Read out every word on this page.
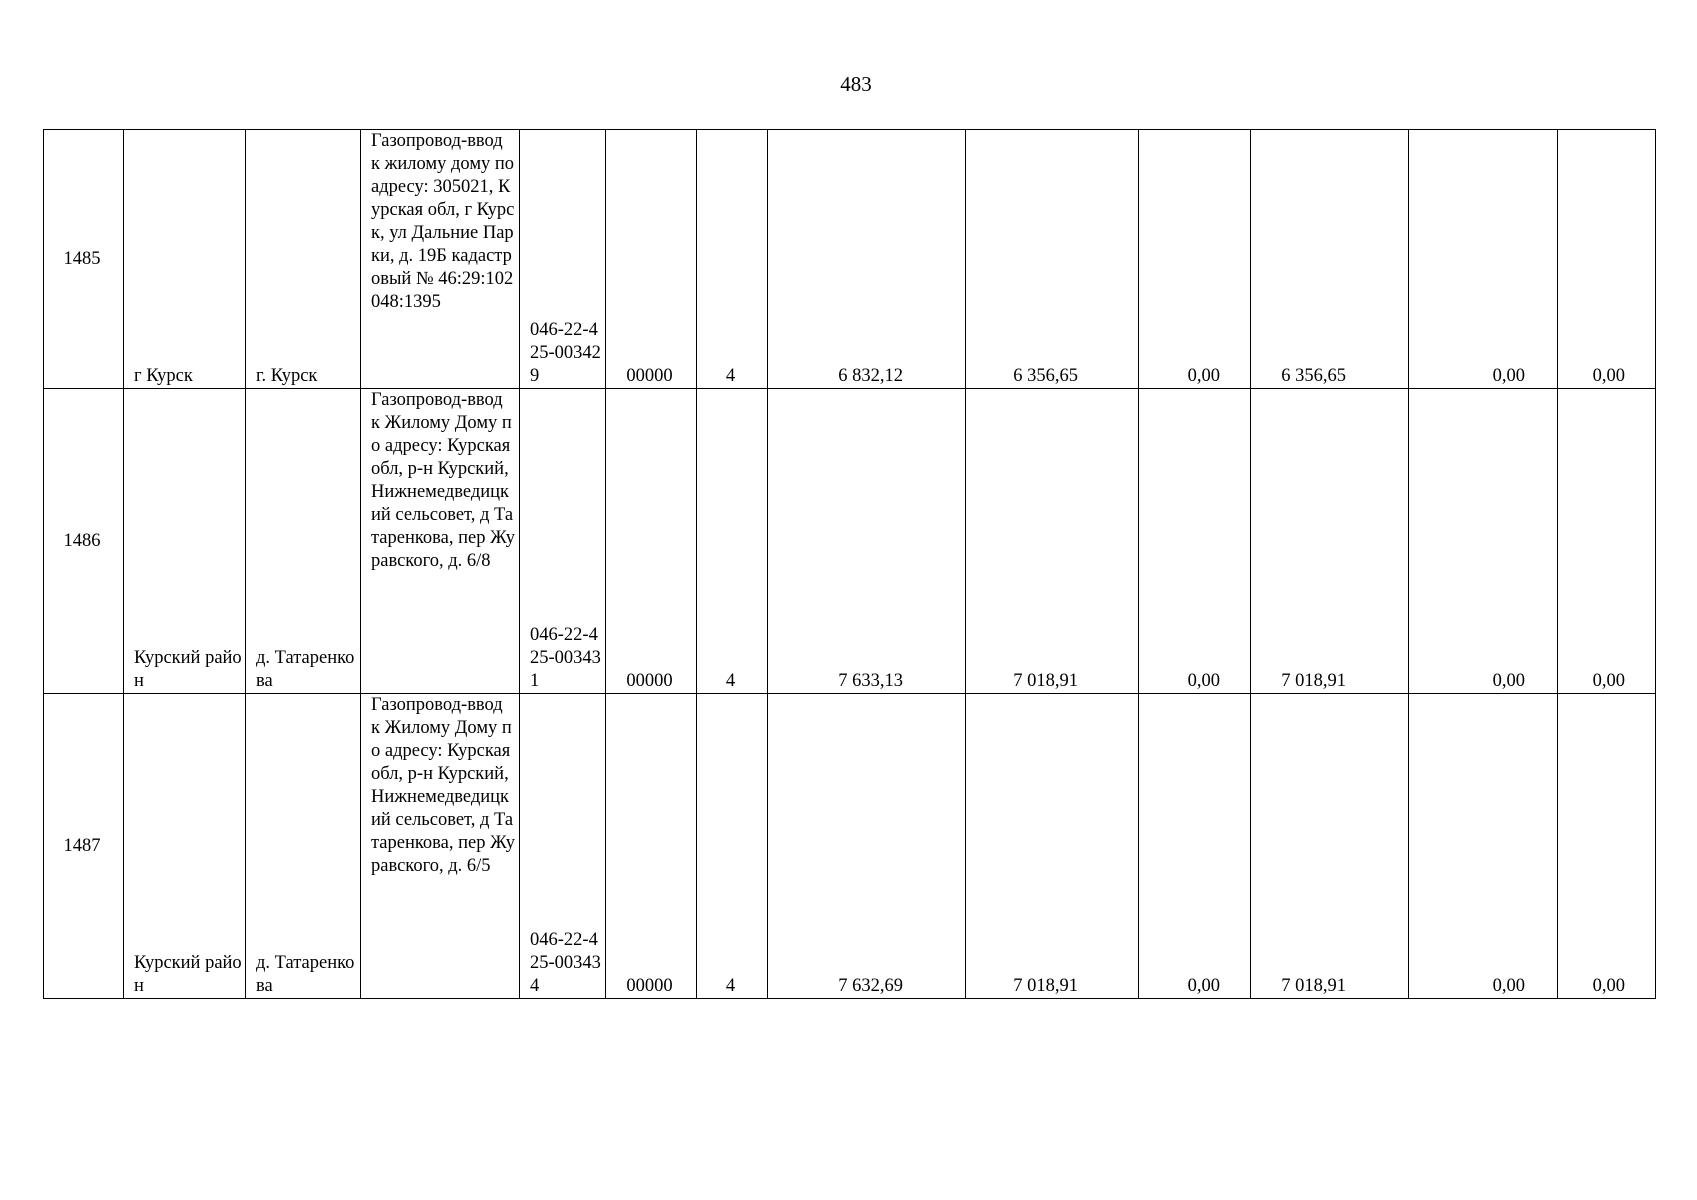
483
1485	г Курск	г. Курск	Газопровод-ввод к жилому дому по адресу: 305021, Курская обл, г Курск, ул Дальние Парки, д. 19Б кадастровый № 46:29:102048:1395	046-22-425-003429	00000	4	6 832,12	6 356,65	0,00	6 356,65	0,00	0,00
1486	Курский район	д. Татаренкова	Газопровод-ввод к Жилому Дому по адресу: Курская обл, р-н Курский, Нижнемедведицкий сельсовет, д Татаренкова, пер Журавского, д. 6/8	046-22-425-003431	00000	4	7 633,13	7 018,91	0,00	7 018,91	0,00	0,00
1487	Курский район	д. Татаренкова	Газопровод-ввод к Жилому Дому по адресу: Курская обл, р-н Курский, Нижнемедведицкий сельсовет, д Татаренкова, пер Журавского, д. 6/5	046-22-425-003434	00000	4	7 632,69	7 018,91	0,00	7 018,91	0,00	0,00
